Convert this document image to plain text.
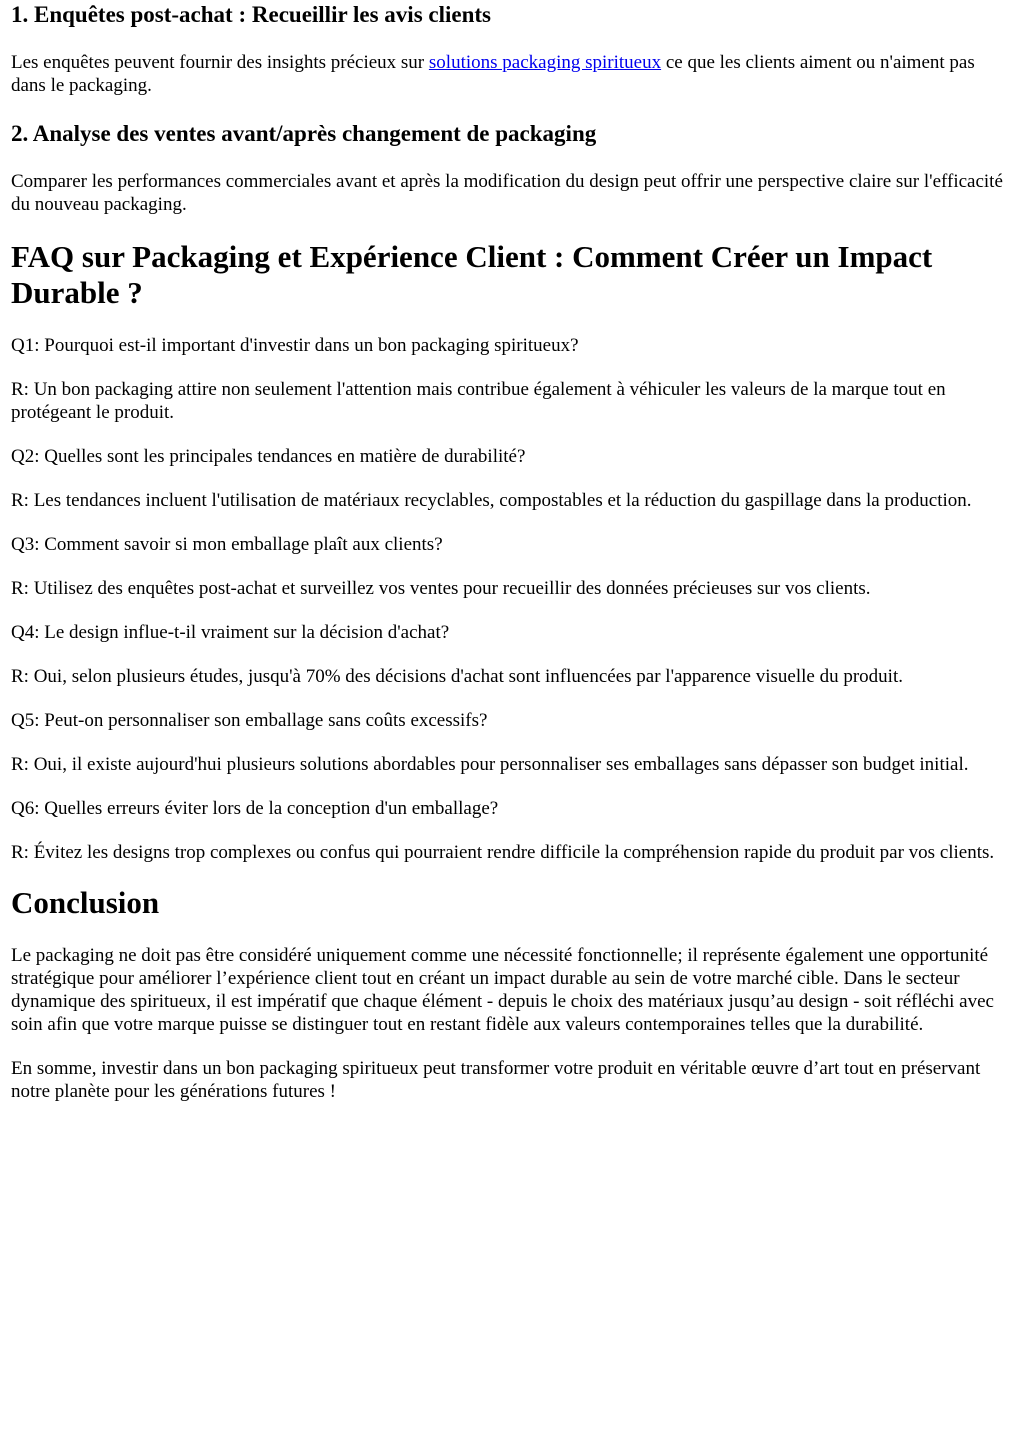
1. Enquêtes post-achat : Recueillir les avis clients

Les enquêtes peuvent fournir des insights précieux sur solutions packaging spiritueux ce que les clients aiment ou n'aiment pas dans le packaging.

2. Analyse des ventes avant/après changement de packaging

Comparer les performances commerciales avant et après la modification du design peut offrir une perspective claire sur l'efficacité du nouveau packaging.

FAQ sur Packaging et Expérience Client : Comment Créer un Impact Durable ?

Q1: Pourquoi est-il important d'investir dans un bon packaging spiritueux?

R: Un bon packaging attire non seulement l'attention mais contribue également à véhiculer les valeurs de la marque tout en protégeant le produit.

Q2: Quelles sont les principales tendances en matière de durabilité?

R: Les tendances incluent l'utilisation de matériaux recyclables, compostables et la réduction du gaspillage dans la production.

Q3: Comment savoir si mon emballage plaît aux clients?

R: Utilisez des enquêtes post-achat et surveillez vos ventes pour recueillir des données précieuses sur vos clients.

Q4: Le design influe-t-il vraiment sur la décision d'achat?

R: Oui, selon plusieurs études, jusqu'à 70% des décisions d'achat sont influencées par l'apparence visuelle du produit.

Q5: Peut-on personnaliser son emballage sans coûts excessifs?

R: Oui, il existe aujourd'hui plusieurs solutions abordables pour personnaliser ses emballages sans dépasser son budget initial.

Q6: Quelles erreurs éviter lors de la conception d'un emballage?

R: Évitez les designs trop complexes ou confus qui pourraient rendre difficile la compréhension rapide du produit par vos clients.

Conclusion

Le packaging ne doit pas être considéré uniquement comme une nécessité fonctionnelle; il représente également une opportunité stratégique pour améliorer l’expérience client tout en créant un impact durable au sein de votre marché cible. Dans le secteur dynamique des spiritueux, il est impératif que chaque élément - depuis le choix des matériaux jusqu’au design - soit réfléchi avec soin afin que votre marque puisse se distinguer tout en restant fidèle aux valeurs contemporaines telles que la durabilité.

En somme, investir dans un bon packaging spiritueux peut transformer votre produit en véritable œuvre d’art tout en préservant notre planète pour les générations futures !
